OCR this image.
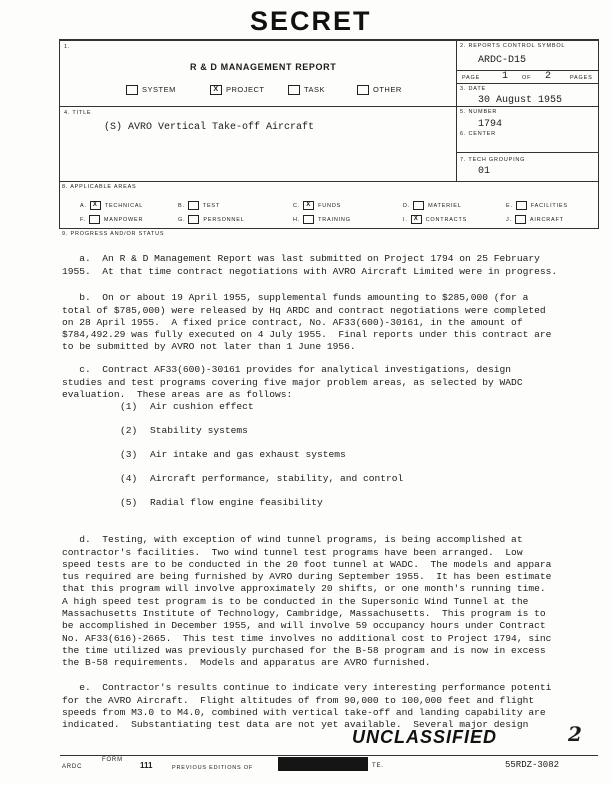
SECRET
1.
R & D MANAGEMENT REPORT
SYSTEM	X PROJECT	TASK	OTHER
4. TITLE
(S) AVRO Vertical Take-off Aircraft
2. REPORTS CONTROL SYMBOL
ARDC-D15
PAGE 1	OF 2	PAGES
3. DATE
30 August 1955
5. NUMBER
1794
6. CENTER
7. TECH GROUPING
01
8. APPLICABLE AREAS
A. X TECHNICAL	B.	TEST	C. X FUNDS	D.	MATERIEL	E.	FACILITIES
F.	MANPOWER	G.	PERSONNEL	H.	TRAINING	I. X CONTRACTS	J.	AIRCRAFT
9. PROGRESS AND/OR STATUS

a.  An R & D Management Report was last submitted on Project 1794 on 25 February
1955.  At that time contract negotiations with AVRO Aircraft Limited were in progress.

b.  On or about 19 April 1955, supplemental funds amounting to $285,000 (for a
total of $785,000) were released by Hq ARDC and contract negotiations were completed
on 28 April 1955.  A fixed price contract, No. AF33(600)-30161, in the amount of
$784,492.29 was fully executed on 4 July 1955.  Final reports under this contract are
to be submitted by AVRO not later than 1 June 1956.

c.  Contract AF33(600)-30161 provides for analytical investigations, design
studies and test programs covering five major problem areas, as selected by WADC
evaluation.  These areas are as follows:

(1) Air cushion effect
(2) Stability systems
(3) Air intake and gas exhaust systems
(4) Aircraft performance, stability, and control
(5) Radial flow engine feasibility

d.  Testing, with exception of wind tunnel programs, is being accomplished at
contractor's facilities.  Two wind tunnel test programs have been arranged.  Low
speed tests are to be conducted in the 20 foot tunnel at WADC.  The models and appara
tus required are being furnished by AVRO during September 1955.  It has been estimate
that this program will involve approximately 20 shifts, or one month's running time.
A high speed test program is to be conducted in the Supersonic Wind Tunnel at the
Massachusetts Institute of Technology, Cambridge, Massachusetts.  This program is to
be accomplished in December 1955, and will involve 59 occupancy hours under Contract
No. AF33(616)-2665.  This test time involves no additional cost to Project 1794, sinc
the time utilized was previously purchased for the B-58 program and is now in excess
the B-58 requirements.  Models and apparatus are AVRO furnished.

e.  Contractor's results continue to indicate very interesting performance potenti
for the AVRO Aircraft.  Flight altitudes of from 90,000 to 100,000 feet and flight
speeds from M3.0 to M4.0, combined with vertical take-off and landing capability are
indicated.  Substantiating test data are not yet available.  Several major design

UNCLASSIFIED	2
ARDC
FORM
111	PREVIOUS EDITIONS OF	TE.	55RDZ-3082
